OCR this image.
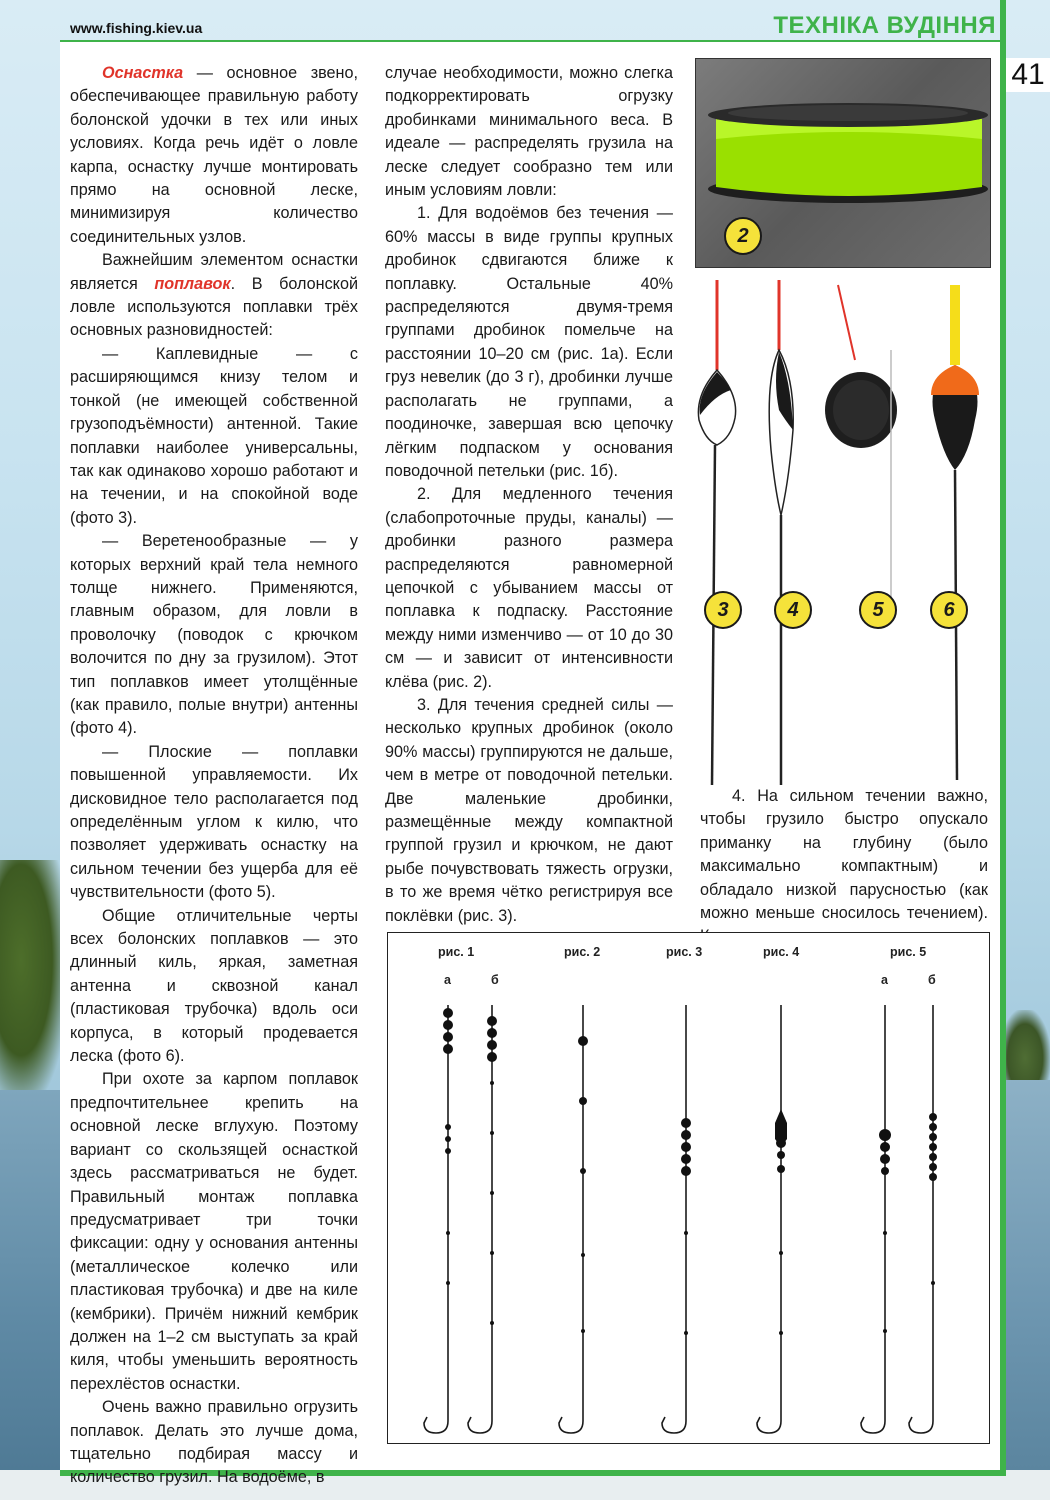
www.fishing.kiev.ua	ТЕХНІКА ВУДІННЯ
41

Оснастка — основное звено, обеспечивающее правильную работу болонской удочки в тех или иных условиях. Когда речь идёт о ловле карпа, оснастку лучше монтировать прямо на основной леске, минимизируя количество соединительных узлов.

Важнейшим элементом оснастки является поплавок. В болонской ловле используются поплавки трёх основных разновидностей:

— Каплевидные — с расширяющимся книзу телом и тонкой (не имеющей собственной грузоподъёмности) антенной. Такие поплавки наиболее универсальны, так как одинаково хорошо работают и на течении, и на спокойной воде (фото 3).

— Веретенообразные — у которых верхний край тела немного толще нижнего. Применяются, главным образом, для ловли в проволочку (поводок с крючком волочится по дну за грузилом). Этот тип поплавков имеет утолщённые (как правило, полые внутри) антенны (фото 4).

— Плоские — поплавки повышенной управляемости. Их дисковидное тело располагается под определённым углом к килю, что позволяет удерживать оснастку на сильном течении без ущерба для её чувствительности (фото 5).

Общие отличительные черты всех болонских поплавков — это длинный киль, яркая, заметная антенна и сквозной канал (пластиковая трубочка) вдоль оси корпуса, в который продевается леска (фото 6).

При охоте за карпом поплавок предпочтительнее крепить на основной леске вглухую. Поэтому вариант со скользящей оснасткой здесь рассматриваться не будет. Правильный монтаж поплавка предусматривает три точки фиксации: одну у основания антенны (металлическое колечко или пластиковая трубочка) и две на киле (кембрики). Причём нижний кембрик должен на 1–2 см выступать за край киля, чтобы уменьшить вероятность перехлёстов оснастки.

Очень важно правильно огрузить поплавок. Делать это лучше дома, тщательно подбирая массу и количество грузил. На водоёме, в

случае необходимости, можно слегка подкорректировать огрузку дробинками минимального веса. В идеале — распределять грузила на леске следует сообразно тем или иным условиям ловли:

1. Для водоёмов без течения — 60% массы в виде группы крупных дробинок сдвигаются ближе к поплавку. Остальные 40% распределяются двумя-тремя группами дробинок помельче на расстоянии 10–20 см (рис. 1а). Если груз невелик (до 3 г), дробинки лучше располагать не группами, а поодиночке, завершая всю цепочку лёгким подпаском у основания поводочной петельки (рис. 1б).

2. Для медленного течения (слабопроточные пруды, каналы) — дробинки разного размера распределяются равномерной цепочкой с убыванием массы от поплавка к подпаску. Расстояние между ними изменчиво — от 10 до 30 см — и зависит от интенсивности клёва (рис. 2).

3. Для течения средней силы — несколько крупных дробинок (около 90% массы) группируются не дальше, чем в метре от поводочной петельки. Две маленькие дробинки, размещённые между компактной группой грузил и крючком, не дают рыбе почувствовать тяжесть огрузки, в то же время чётко регистрируя все поклёвки (рис. 3).

4. На сильном течении важно, чтобы грузило быстро опускало приманку на глубину (было максимально компактным) и обладало низкой парусностью (как можно меньше сносилось течением).

2
3	4	5	6
рис. 1
а	б
рис. 2	рис. 3	рис. 4	рис. 5
а	б
